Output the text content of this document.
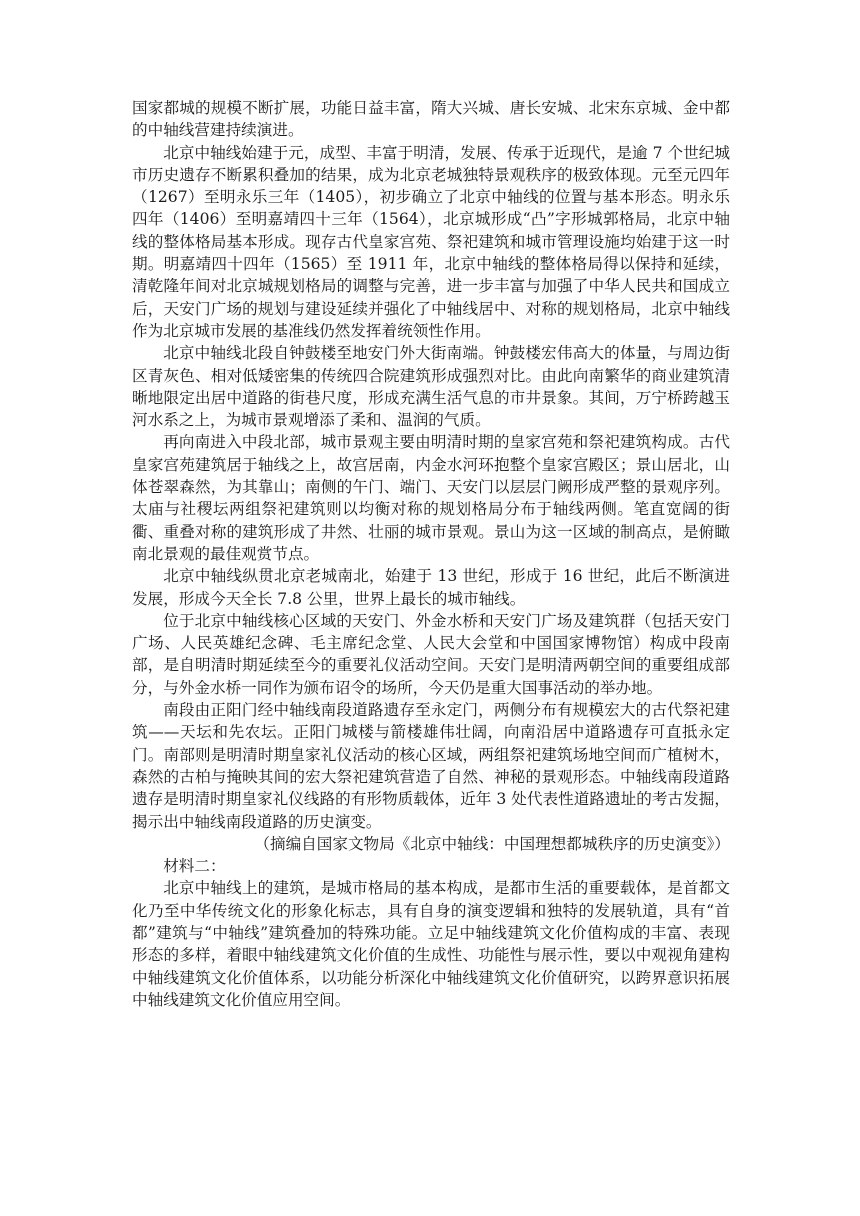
国家都城的规模不断扩展，功能日益丰富，隋大兴城、唐长安城、北宋东京城、金中都的中轴线营建持续演进。

北京中轴线始建于元，成型、丰富于明清，发展、传承于近现代，是逾 7 个世纪城市历史遗存不断累积叠加的结果，成为北京老城独特景观秩序的极致体现。元至元四年（1267）至明永乐三年（1405），初步确立了北京中轴线的位置与基本形态。明永乐四年（1406）至明嘉靖四十三年（1564），北京城形成“凸”字形城郭格局，北京中轴线的整体格局基本形成。现存古代皇家宫苑、祭祀建筑和城市管理设施均始建于这一时期。明嘉靖四十四年（1565）至 1911 年，北京中轴线的整体格局得以保持和延续，清乾隆年间对北京城规划格局的调整与完善，进一步丰富与加强了中华人民共和国成立后，天安门广场的规划与建设延续并强化了中轴线居中、对称的规划格局，北京中轴线作为北京城市发展的基准线仍然发挥着统领性作用。

北京中轴线北段自钟鼓楼至地安门外大街南端。钟鼓楼宏伟高大的体量，与周边街区青灰色、相对低矮密集的传统四合院建筑形成强烈对比。由此向南繁华的商业建筑清晰地限定出居中道路的街巷尺度，形成充满生活气息的市井景象。其间，万宁桥跨越玉河水系之上，为城市景观增添了柔和、温润的气质。

再向南进入中段北部，城市景观主要由明清时期的皇家宫苑和祭祀建筑构成。古代皇家宫苑建筑居于轴线之上，故宫居南，内金水河环抱整个皇家宫殿区；景山居北，山体苍翠森然，为其靠山；南侧的午门、端门、天安门以层层门阙形成严整的景观序列。太庙与社稷坛两组祭祀建筑则以均衡对称的规划格局分布于轴线两侧。笔直宽阔的街衢、重叠对称的建筑形成了井然、壮丽的城市景观。景山为这一区域的制高点，是俯瞰南北景观的最佳观赏节点。

北京中轴线纵贯北京老城南北，始建于 13 世纪，形成于 16 世纪，此后不断演进发展，形成今天全长 7.8 公里，世界上最长的城市轴线。

位于北京中轴线核心区域的天安门、外金水桥和天安门广场及建筑群（包括天安门广场、人民英雄纪念碑、毛主席纪念堂、人民大会堂和中国国家博物馆）构成中段南部，是自明清时期延续至今的重要礼仪活动空间。天安门是明清两朝空间的重要组成部分，与外金水桥一同作为颁布诏令的场所，今天仍是重大国事活动的举办地。

南段由正阳门经中轴线南段道路遗存至永定门，两侧分布有规模宏大的古代祭祀建筑——天坛和先农坛。正阳门城楼与箭楼雄伟壮阔，向南沿居中道路遗存可直抵永定门。南部则是明清时期皇家礼仪活动的核心区域，两组祭祀建筑场地空间而广植树木，森然的古柏与掩映其间的宏大祭祀建筑营造了自然、神秘的景观形态。中轴线南段道路遗存是明清时期皇家礼仪线路的有形物质载体，近年 3 处代表性道路遗址的考古发掘，揭示出中轴线南段道路的历史演变。

（摘编自国家文物局《北京中轴线：中国理想都城秩序的历史演变》）

材料二：

北京中轴线上的建筑，是城市格局的基本构成，是都市生活的重要载体，是首都文化乃至中华传统文化的形象化标志，具有自身的演变逻辑和独特的发展轨道，具有“首都”建筑与“中轴线”建筑叠加的特殊功能。立足中轴线建筑文化价值构成的丰富、表现形态的多样，着眼中轴线建筑文化价值的生成性、功能性与展示性，要以中观视角建构中轴线建筑文化价值体系，以功能分析深化中轴线建筑文化价值研究，以跨界意识拓展中轴线建筑文化价值应用空间。
